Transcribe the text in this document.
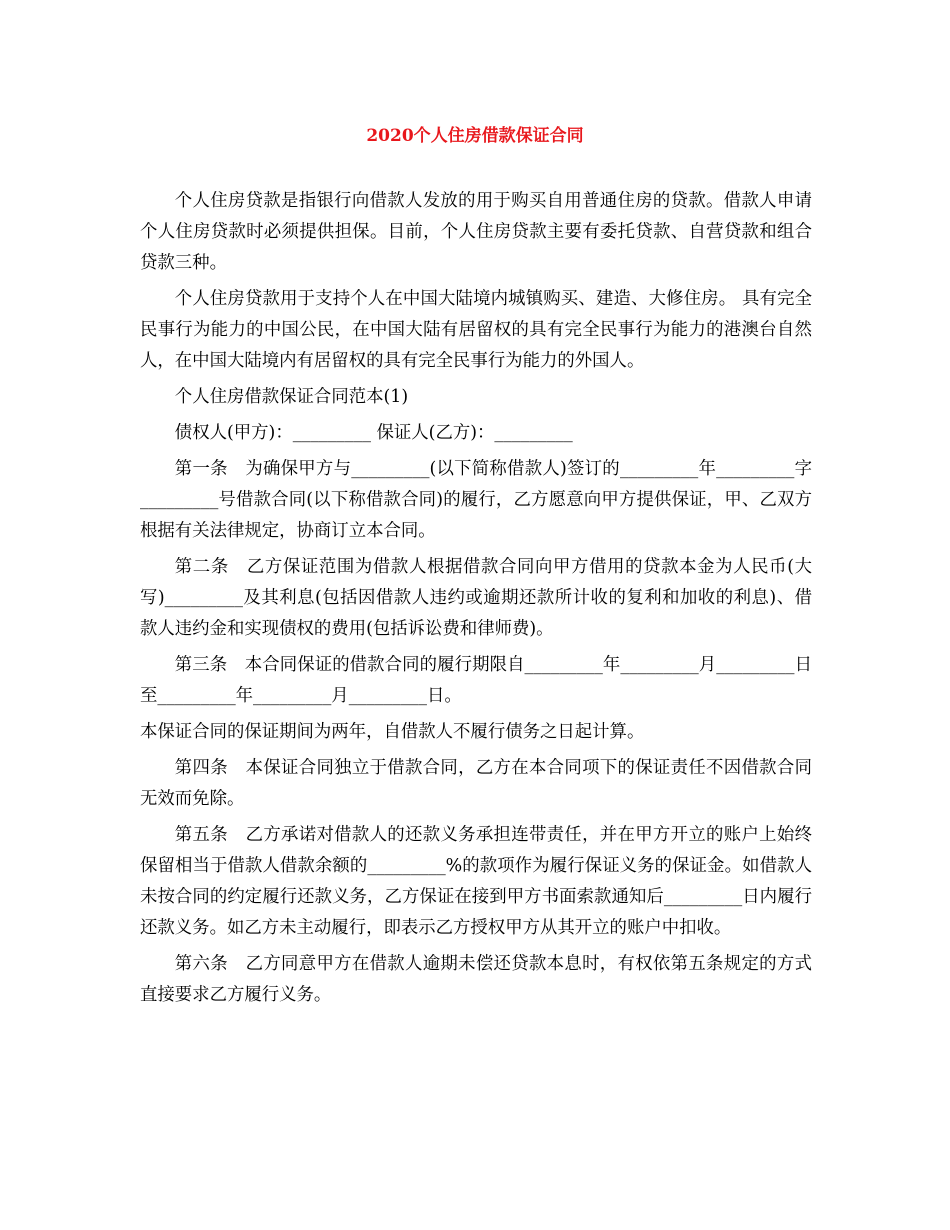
2020个人住房借款保证合同

个人住房贷款是指银行向借款人发放的用于购买自用普通住房的贷款。借款人申请个人住房贷款时必须提供担保。目前，个人住房贷款主要有委托贷款、自营贷款和组合贷款三种。

个人住房贷款用于支持个人在中国大陆境内城镇购买、建造、大修住房。 具有完全民事行为能力的中国公民，在中国大陆有居留权的具有完全民事行为能力的港澳台自然人，在中国大陆境内有居留权的具有完全民事行为能力的外国人。

个人住房借款保证合同范本(1)

债权人(甲方)：_________ 保证人(乙方)：_________

第一条　为确保甲方与_________(以下简称借款人)签订的_________年_________字_________号借款合同(以下称借款合同)的履行，乙方愿意向甲方提供保证，甲、乙双方根据有关法律规定，协商订立本合同。

第二条　乙方保证范围为借款人根据借款合同向甲方借用的贷款本金为人民币(大写)_________及其利息(包括因借款人违约或逾期还款所计收的复利和加收的利息)、借款人违约金和实现债权的费用(包括诉讼费和律师费)。

第三条　本合同保证的借款合同的履行期限自_________年_________月_________日至_________年_________月_________日。

本保证合同的保证期间为两年，自借款人不履行债务之日起计算。

第四条　本保证合同独立于借款合同，乙方在本合同项下的保证责任不因借款合同无效而免除。

第五条　乙方承诺对借款人的还款义务承担连带责任，并在甲方开立的账户上始终保留相当于借款人借款余额的_________%的款项作为履行保证义务的保证金。如借款人未按合同的约定履行还款义务，乙方保证在接到甲方书面索款通知后_________日内履行还款义务。如乙方未主动履行，即表示乙方授权甲方从其开立的账户中扣收。

第六条　乙方同意甲方在借款人逾期未偿还贷款本息时，有权依第五条规定的方式直接要求乙方履行义务。
